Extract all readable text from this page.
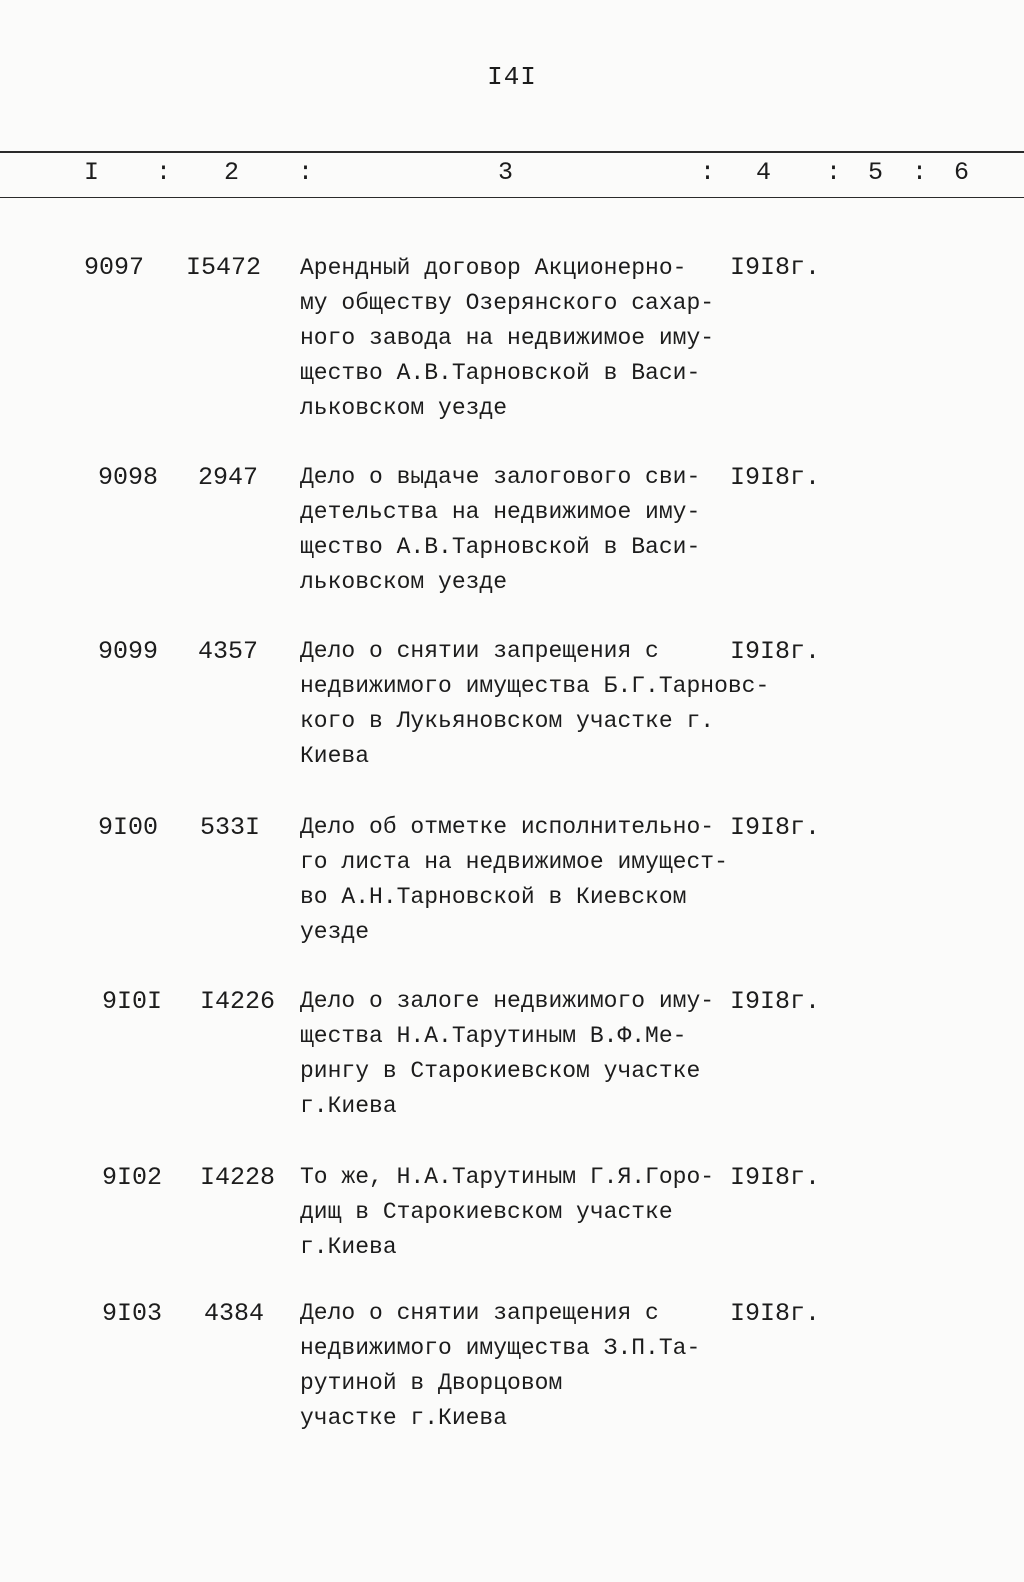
I4I
I : 2 :	3	: 4 : 5 : 6
9097 I5472 Арендный договор Акционерно-
му обществу Озерянского сахар-
ного завода на недвижимое иму-
щество А.В.Тарновской в Васи-
льковском уезде
I9I8г.
9098 2947 Дело о выдаче залогового сви-
детельства на недвижимое иму-
щество А.В.Тарновской в Васи-
льковском уезде
I9I8г.
9099 4357 Дело о снятии запрещения с
недвижимого имущества Б.Г.Тарновс-
кого в Лукьяновском участке г.
Киева
I9I8г.
9I00 533I Дело об отметке исполнительно-
го листа на недвижимое имущест-
во А.Н.Тарновской в Киевском
уезде
I9I8г.
9I0I I4226 Дело о залоге недвижимого иму-
щества Н.А.Тарутиным В.Ф.Ме-
рингу в Старокиевском участке
г.Киева
I9I8г.
9I02 I4228 То же, Н.А.Тарутиным Г.Я.Горо-
дищ в Старокиевском участке
г.Киева
I9I8г.
9I03 4384 Дело о снятии запрещения с
недвижимого имущества З.П.Та-
рутиной в Дворцовом
участке г.Киева
I9I8г.
